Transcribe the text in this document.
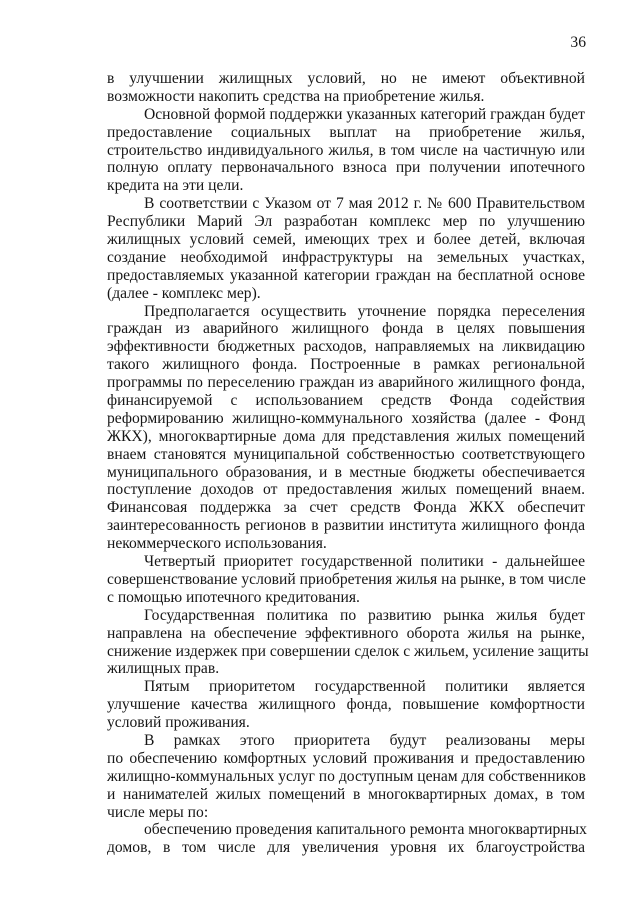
36
в улучшении жилищных условий, но не имеют объективной
возможности накопить средства на приобретение жилья.
Основной формой поддержки указанных категорий граждан будет
предоставление социальных выплат на приобретение жилья,
строительство индивидуального жилья, в том числе на частичную или
полную оплату первоначального взноса при получении ипотечного
кредита на эти цели.
В соответствии с Указом от 7 мая 2012 г. № 600 Правительством
Республики Марий Эл разработан комплекс мер по улучшению
жилищных условий семей, имеющих трех и более детей, включая
создание необходимой инфраструктуры на земельных участках,
предоставляемых указанной категории граждан на бесплатной основе
(далее - комплекс мер).
Предполагается осуществить уточнение порядка переселения
граждан из аварийного жилищного фонда в целях повышения
эффективности бюджетных расходов, направляемых на ликвидацию
такого жилищного фонда. Построенные в рамках региональной
программы по переселению граждан из аварийного жилищного фонда,
финансируемой с использованием средств Фонда содействия
реформированию жилищно-коммунального хозяйства (далее - Фонд
ЖКХ), многоквартирные дома для представления жилых помещений
внаем становятся муниципальной собственностью соответствующего
муниципального образования, и в местные бюджеты обеспечивается
поступление доходов от предоставления жилых помещений внаем.
Финансовая поддержка за счет средств Фонда ЖКХ обеспечит
заинтересованность регионов в развитии института жилищного фонда
некоммерческого использования.
Четвертый приоритет государственной политики - дальнейшее
совершенствование условий приобретения жилья на рынке, в том числе
с помощью ипотечного кредитования.
Государственная политика по развитию рынка жилья будет
направлена на обеспечение эффективного оборота жилья на рынке,
снижение издержек при совершении сделок с жильем, усиление защиты
жилищных прав.
Пятым приоритетом государственной политики является
улучшение качества жилищного фонда, повышение комфортности
условий проживания.
В рамках этого приоритета будут реализованы меры
по обеспечению комфортных условий проживания и предоставлению
жилищно-коммунальных услуг по доступным ценам для собственников
и нанимателей жилых помещений в многоквартирных домах, в том
числе меры по:
обеспечению проведения капитального ремонта многоквартирных
домов, в том числе для увеличения уровня их благоустройства
